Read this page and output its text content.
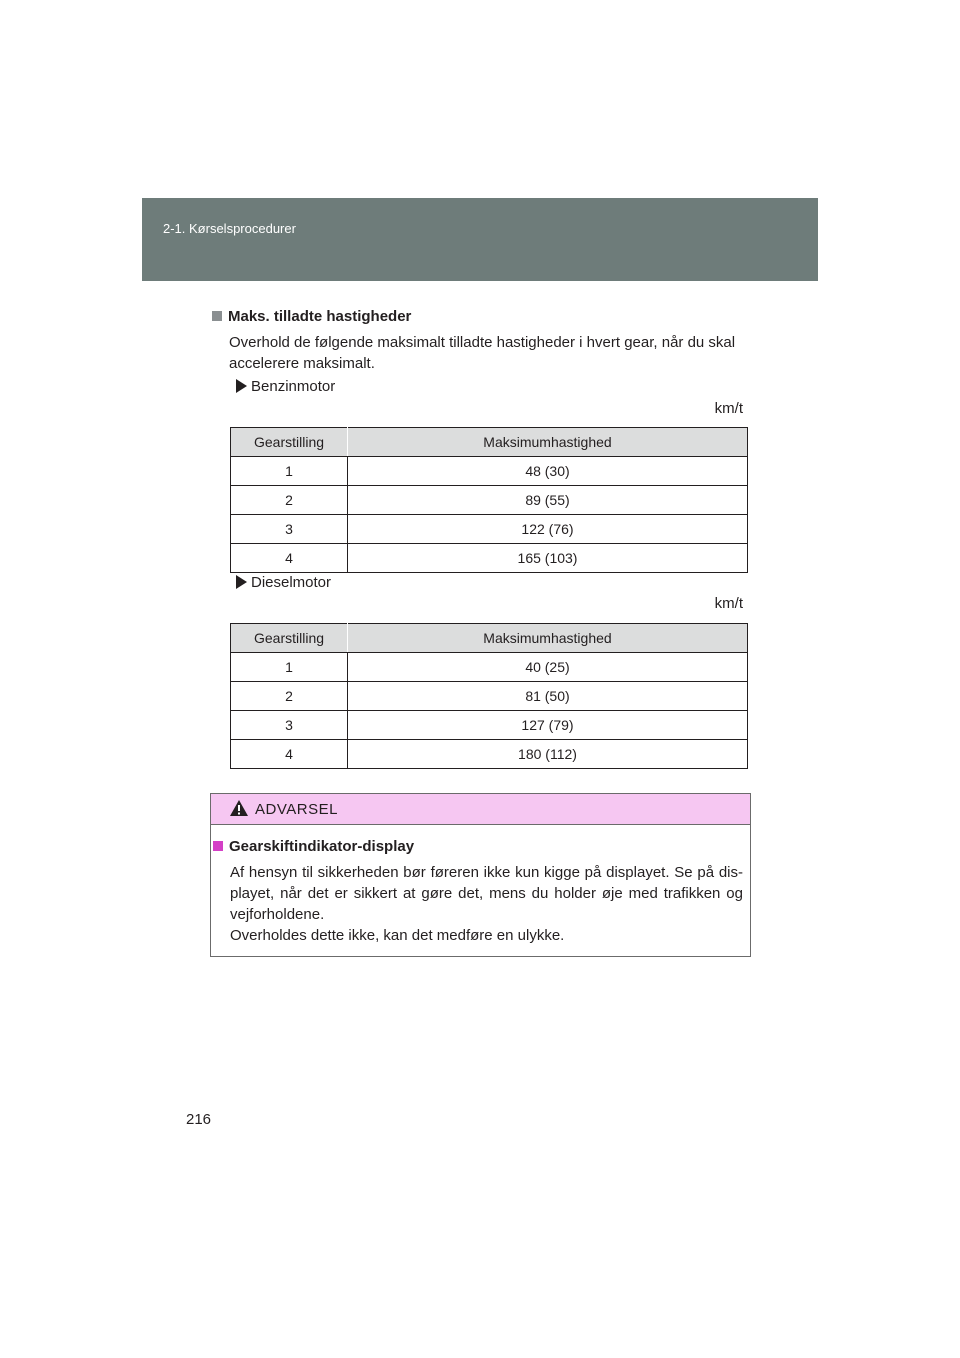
2-1. Kørselsprocedurer
Maks. tilladte hastigheder
Overhold de følgende maksimalt tilladte hastigheder i hvert gear, når du skal accelerere maksimalt.
Benzinmotor
km/t
Gearstilling	Maksimumhastighed
1	48 (30)
2	89 (55)
3	122 (76)
4	165 (103)
Dieselmotor
km/t
Gearstilling	Maksimumhastighed
1	40 (25)
2	81 (50)
3	127 (79)
4	180 (112)
ADVARSEL
Gearskiftindikator-display
Af hensyn til sikkerheden bør føreren ikke kun kigge på displayet. Se på dis- playet, når det er sikkert at gøre det, mens du holder øje med trafikken og vejforholdene.
Overholdes dette ikke, kan det medføre en ulykke.
216
